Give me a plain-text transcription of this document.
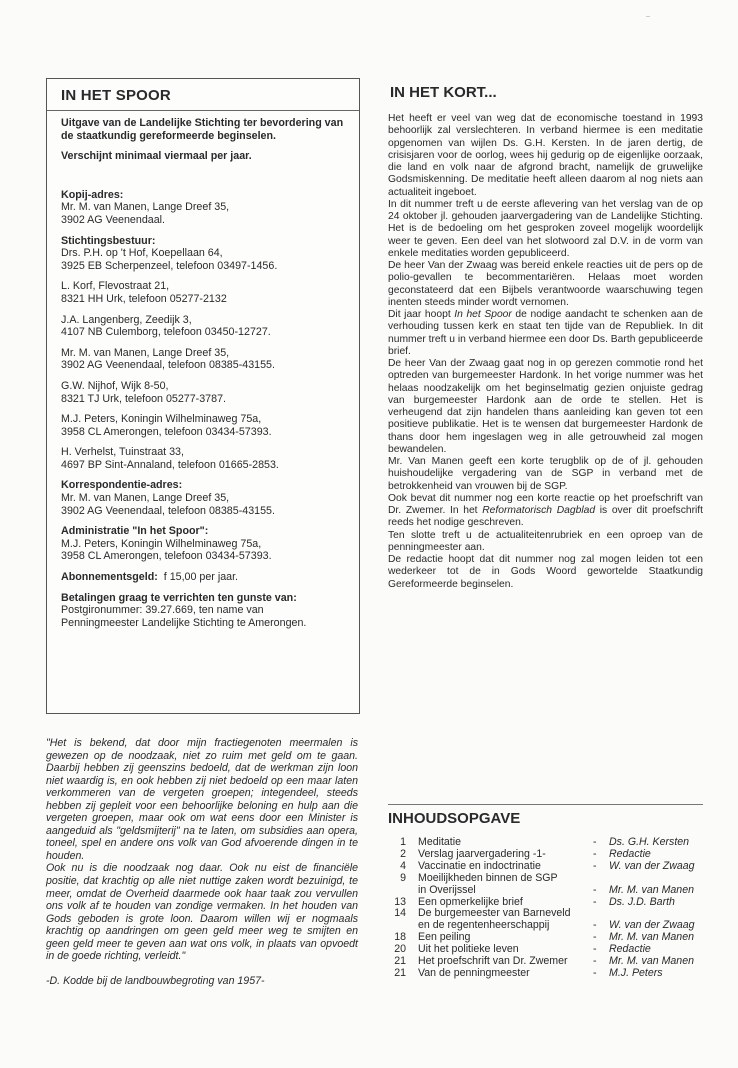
IN HET SPOOR

Uitgave van de Landelijke Stichting ter bevordering van de staatkundig gereformeerde beginselen.

Verschijnt minimaal viermaal per jaar.

Kopij-adres:

Mr. M. van Manen, Lange Dreef 35,

3902 AG Veenendaal.

Stichtingsbestuur:

Drs. P.H. op 't Hof, Koepellaan 64,

3925 EB Scherpenzeel, telefoon 03497-1456.

L. Korf, Flevostraat 21,

8321 HH Urk, telefoon 05277-2132

J.A. Langenberg, Zeedijk 3,

4107 NB Culemborg, telefoon 03450-12727.

Mr. M. van Manen, Lange Dreef 35,

3902 AG Veenendaal, telefoon 08385-43155.

G.W. Nijhof, Wijk 8-50,

8321 TJ Urk, telefoon 05277-3787.

M.J. Peters, Koningin Wilhelminaweg 75a,

3958 CL Amerongen, telefoon 03434-57393.

H. Verhelst, Tuinstraat 33,

4697 BP Sint-Annaland, telefoon 01665-2853.

Korrespondentie-adres:

Mr. M. van Manen, Lange Dreef 35,

3902 AG Veenendaal, telefoon 08385-43155.

Administratie "In het Spoor":

M.J. Peters, Koningin Wilhelminaweg 75a,

3958 CL Amerongen, telefoon 03434-57393.

Abonnementsgeld: f 15,00 per jaar.

Betalingen graag te verrichten ten gunste van:

Postgironummer: 39.27.669, ten name van

Penningmeester Landelijke Stichting te Amerongen.

"Het is bekend, dat door mijn fractiegenoten meermalen is gewezen op de noodzaak, niet zo ruim met geld om te gaan. Daarbij hebben zij geenszins bedoeld, dat de werkman zijn loon niet waardig is, en ook hebben zij niet bedoeld op een maar laten verkommeren van de vergeten groepen; integendeel, steeds hebben zij gepleit voor een behoorlijke beloning en hulp aan die vergeten groepen, maar ook om wat eens door een Minister is aangeduid als "geldsmijterij" na te laten, om subsidies aan opera, toneel, spel en andere ons volk van God afvoerende dingen in te houden.

Ook nu is die noodzaak nog daar. Ook nu eist de financiële positie, dat krachtig op alle niet nuttige zaken wordt bezuinigd, te meer, omdat de Overheid daarmede ook haar taak zou vervullen ons volk af te houden van zondige vermaken. In het houden van Gods geboden is grote loon. Daarom willen wij er nogmaals krachtig op aandringen om geen geld meer weg te smijten en geen geld meer te geven aan wat ons volk, in plaats van opvoedt in de goede richting, verleidt."

-D. Kodde bij de landbouwbegroting van 1957-

IN HET KORT...

Het heeft er veel van weg dat de economische toestand in 1993 behoorlijk zal verslechteren. In verband hiermee is een meditatie opgenomen van wijlen Ds. G.H. Kersten. In de jaren dertig, de crisisjaren voor de oorlog, wees hij gedurig op de eigenlijke oorzaak, die land en volk naar de afgrond bracht, namelijk de gruwelijke Godsmiskenning. De meditatie heeft alleen daarom al nog niets aan actualiteit ingeboet.

In dit nummer treft u de eerste aflevering van het verslag van de op 24 oktober jl. gehouden jaarvergadering van de Landelijke Stichting. Het is de bedoeling om het gesproken zoveel mogelijk woordelijk weer te geven. Een deel van het slotwoord zal D.V. in de vorm van enkele meditaties worden gepubliceerd.

De heer Van der Zwaag was bereid enkele reacties uit de pers op de polio-gevallen te becommentariëren. Helaas moet worden geconstateerd dat een Bijbels verantwoorde waarschuwing tegen inenten steeds minder wordt vernomen.

Dit jaar hoopt In het Spoor de nodige aandacht te schenken aan de verhouding tussen kerk en staat ten tijde van de Republiek. In dit nummer treft u in verband hiermee een door Ds. Barth gepubliceerde brief.

De heer Van der Zwaag gaat nog in op gerezen commotie rond het optreden van burgemeester Hardonk. In het vorige nummer was het helaas noodzakelijk om het beginselmatig gezien onjuiste gedrag van burgemeester Hardonk aan de orde te stellen. Het is verheugend dat zijn handelen thans aanleiding kan geven tot een positieve publikatie. Het is te wensen dat burgemeester Hardonk de thans door hem ingeslagen weg in alle getrouwheid zal mogen bewandelen.

Mr. Van Manen geeft een korte terugblik op de of jl. gehouden huishoudelijke vergadering van de SGP in verband met de betrokkenheid van vrouwen bij de SGP.

Ook bevat dit nummer nog een korte reactie op het proefschrift van Dr. Zwemer. In het Reformatorisch Dagblad is over dit proefschrift reeds het nodige geschreven.

Ten slotte treft u de actualiteitenrubriek en een oproep van de penningmeester aan.

De redactie hoopt dat dit nummer nog zal mogen leiden tot een wederkeer tot de in Gods Woord gewortelde Staatkundig Gereformeerde beginselen.

INHOUDSOPGAVE
1	Meditatie	-	Ds. G.H. Kersten
2	Verslag jaarvergadering -1-	-	Redactie
4	Vaccinatie en indoctrinatie	-	W. van der Zwaag
9	Moeilijkheden binnen de SGP		
	in Overijssel	-	Mr. M. van Manen
13	Een opmerkelijke brief	-	Ds. J.D. Barth
14	De burgemeester van Barneveld		
	en de regentenheerschappij	-	W. van der Zwaag
18	Een peiling	-	Mr. M. van Manen
20	Uit het politieke leven	-	Redactie
21	Het proefschrift van Dr. Zwemer	-	Mr. M. van Manen
21	Van de penningmeester	-	M.J. Peters
